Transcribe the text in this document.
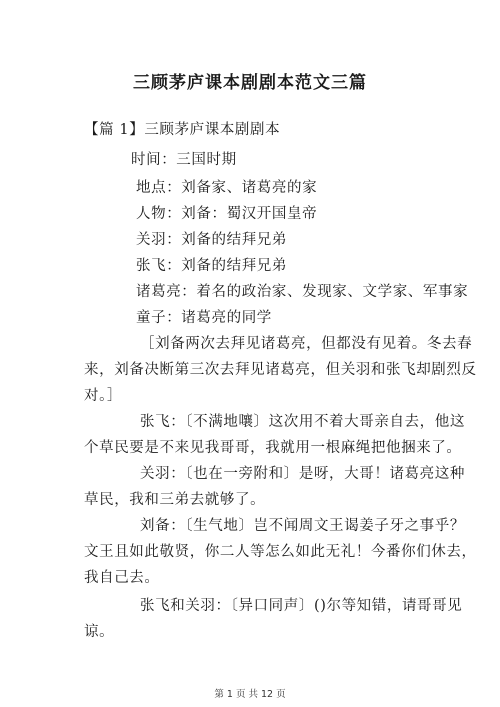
三顾茅庐课本剧剧本范文三篇
【篇 1】三顾茅庐课本剧剧本
时间：三国时期
地点：刘备家、诸葛亮的家
人物：刘备：蜀汉开国皇帝
关羽：刘备的结拜兄弟
张飞：刘备的结拜兄弟
诸葛亮：着名的政治家、发现家、文学家、军事家
童子：诸葛亮的同学
［刘备两次去拜见诸葛亮，但都没有见着。冬去春
来，刘备决断第三次去拜见诸葛亮，但关羽和张飞却剧烈反
对。］
张飞：〔不满地嚷〕这次用不着大哥亲自去，他这
个草民要是不来见我哥哥，我就用一根麻绳把他捆来了。
关羽：〔也在一旁附和〕是呀，大哥！诸葛亮这种
草民，我和三弟去就够了。
刘备：〔生气地〕岂不闻周文王谒姜子牙之事乎？
文王且如此敬贤，你二人等怎么如此无礼！今番你们休去，
我自己去。
张飞和关羽：〔异口同声〕()尔等知错，请哥哥见
谅。
第 1 页 共 12 页
